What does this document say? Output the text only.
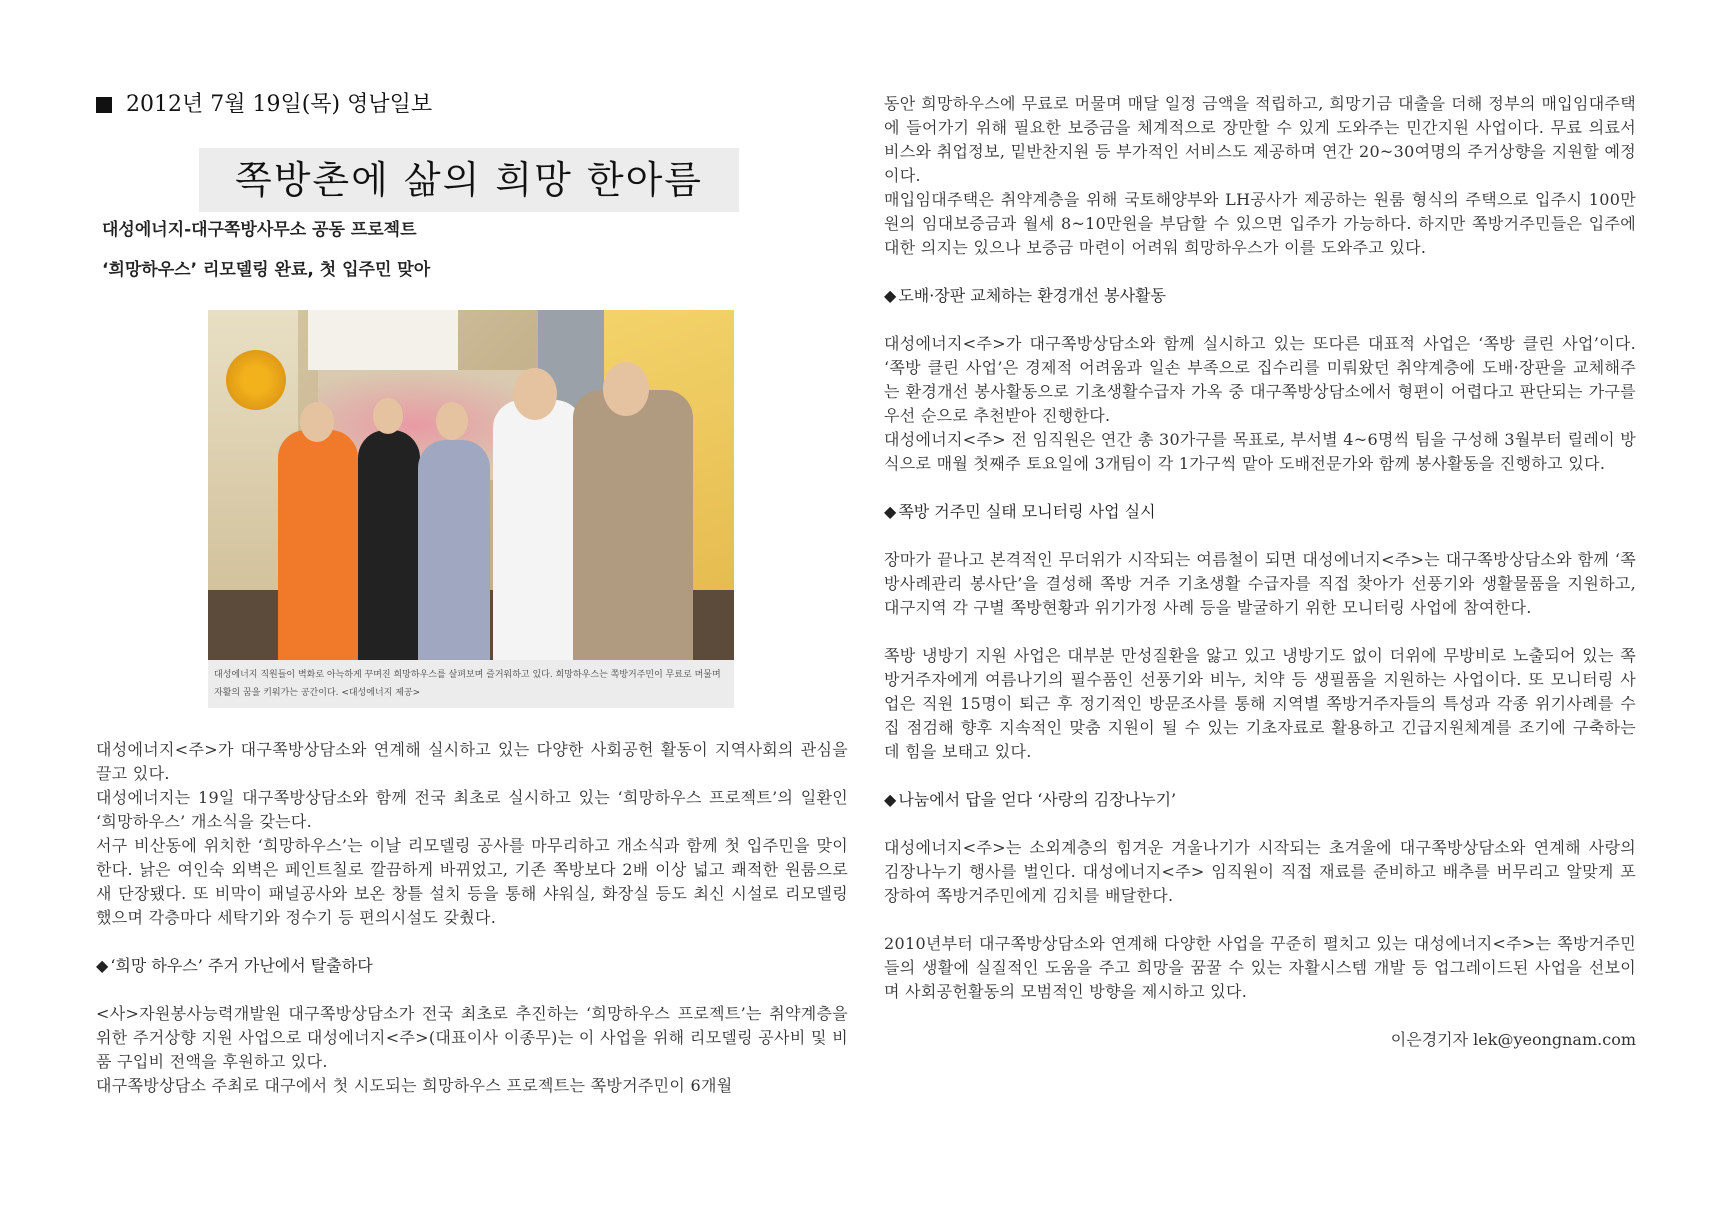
2012년 7월 19일(목) 영남일보
쪽방촌에 삶의 희망 한아름
대성에너지-대구쪽방사무소 공동 프로젝트
‘희망하우스’ 리모델링 완료, 첫 입주민 맞아
대성에너지 직원들이 벽화로 아늑하게 꾸며진 희망하우스를 살펴보며 즐거워하고 있다. 희망하우스는 쪽방거주민이 무료로 머물며 자활의 꿈을 키워가는 공간이다. <대성에너지 제공>

대성에너지<주>가 대구쪽방상담소와 연계해 실시하고 있는 다양한 사회공헌 활동이 지역사회의 관심을 끌고 있다.

대성에너지는 19일 대구쪽방상담소와 함께 전국 최초로 실시하고 있는 ‘희망하우스 프로젝트’의 일환인 ‘희망하우스’ 개소식을 갖는다.

서구 비산동에 위치한 ‘희망하우스’는 이날 리모델링 공사를 마무리하고 개소식과 함께 첫 입주민을 맞이한다. 낡은 여인숙 외벽은 페인트칠로 깔끔하게 바뀌었고, 기존 쪽방보다 2배 이상 넓고 쾌적한 원룸으로 새 단장됐다. 또 비막이 패널공사와 보온 창틀 설치 등을 통해 샤워실, 화장실 등도 최신 시설로 리모델링했으며 각층마다 세탁기와 정수기 등 편의시설도 갖췄다.

◆ ‘희망 하우스’ 주거 가난에서 탈출하다

<사>자원봉사능력개발원 대구쪽방상담소가 전국 최초로 추진하는 ‘희망하우스 프로젝트’는 취약계층을 위한 주거상향 지원 사업으로 대성에너지<주>(대표이사 이종무)는 이 사업을 위해 리모델링 공사비 및 비품 구입비 전액을 후원하고 있다.

대구쪽방상담소 주최로 대구에서 첫 시도되는 희망하우스 프로젝트는 쪽방거주민이 6개월

동안 희망하우스에 무료로 머물며 매달 일정 금액을 적립하고, 희망기금 대출을 더해 정부의 매입임대주택에 들어가기 위해 필요한 보증금을 체계적으로 장만할 수 있게 도와주는 민간지원 사업이다. 무료 의료서비스와 취업정보, 밑반찬지원 등 부가적인 서비스도 제공하며 연간 20~30여명의 주거상향을 지원할 예정이다.

매입임대주택은 취약계층을 위해 국토해양부와 LH공사가 제공하는 원룸 형식의 주택으로 입주시 100만원의 임대보증금과 월세 8~10만원을 부담할 수 있으면 입주가 가능하다. 하지만 쪽방거주민들은 입주에 대한 의지는 있으나 보증금 마련이 어려워 희망하우스가 이를 도와주고 있다.

◆ 도배·장판 교체하는 환경개선 봉사활동

대성에너지<주>가 대구쪽방상담소와 함께 실시하고 있는 또다른 대표적 사업은 ‘쪽방 클린 사업’이다. ‘쪽방 클린 사업’은 경제적 어려움과 일손 부족으로 집수리를 미뤄왔던 취약계층에 도배·장판을 교체해주는 환경개선 봉사활동으로 기초생활수급자 가옥 중 대구쪽방상담소에서 형편이 어렵다고 판단되는 가구를 우선 순으로 추천받아 진행한다.

대성에너지<주> 전 임직원은 연간 총 30가구를 목표로, 부서별 4~6명씩 팀을 구성해 3월부터 릴레이 방식으로 매월 첫째주 토요일에 3개팀이 각 1가구씩 맡아 도배전문가와 함께 봉사활동을 진행하고 있다.

◆ 쪽방 거주민 실태 모니터링 사업 실시

장마가 끝나고 본격적인 무더위가 시작되는 여름철이 되면 대성에너지<주>는 대구쪽방상담소와 함께 ‘쪽방사례관리 봉사단’을 결성해 쪽방 거주 기초생활 수급자를 직접 찾아가 선풍기와 생활물품을 지원하고, 대구지역 각 구별 쪽방현황과 위기가정 사례 등을 발굴하기 위한 모니터링 사업에 참여한다.

쪽방 냉방기 지원 사업은 대부분 만성질환을 앓고 있고 냉방기도 없이 더위에 무방비로 노출되어 있는 쪽방거주자에게 여름나기의 필수품인 선풍기와 비누, 치약 등 생필품을 지원하는 사업이다. 또 모니터링 사업은 직원 15명이 퇴근 후 정기적인 방문조사를 통해 지역별 쪽방거주자들의 특성과 각종 위기사례를 수집 점검해 향후 지속적인 맞춤 지원이 될 수 있는 기초자료로 활용하고 긴급지원체계를 조기에 구축하는 데 힘을 보태고 있다.

◆ 나눔에서 답을 얻다 ‘사랑의 김장나누기’

대성에너지<주>는 소외계층의 힘겨운 겨울나기가 시작되는 초겨울에 대구쪽방상담소와 연계해 사랑의 김장나누기 행사를 벌인다. 대성에너지<주> 임직원이 직접 재료를 준비하고 배추를 버무리고 알맞게 포장하여 쪽방거주민에게 김치를 배달한다.

2010년부터 대구쪽방상담소와 연계해 다양한 사업을 꾸준히 펼치고 있는 대성에너지<주>는 쪽방거주민들의 생활에 실질적인 도움을 주고 희망을 꿈꿀 수 있는 자활시스템 개발 등 업그레이드된 사업을 선보이며 사회공헌활동의 모범적인 방향을 제시하고 있다.

이은경기자 lek@yeongnam.com
